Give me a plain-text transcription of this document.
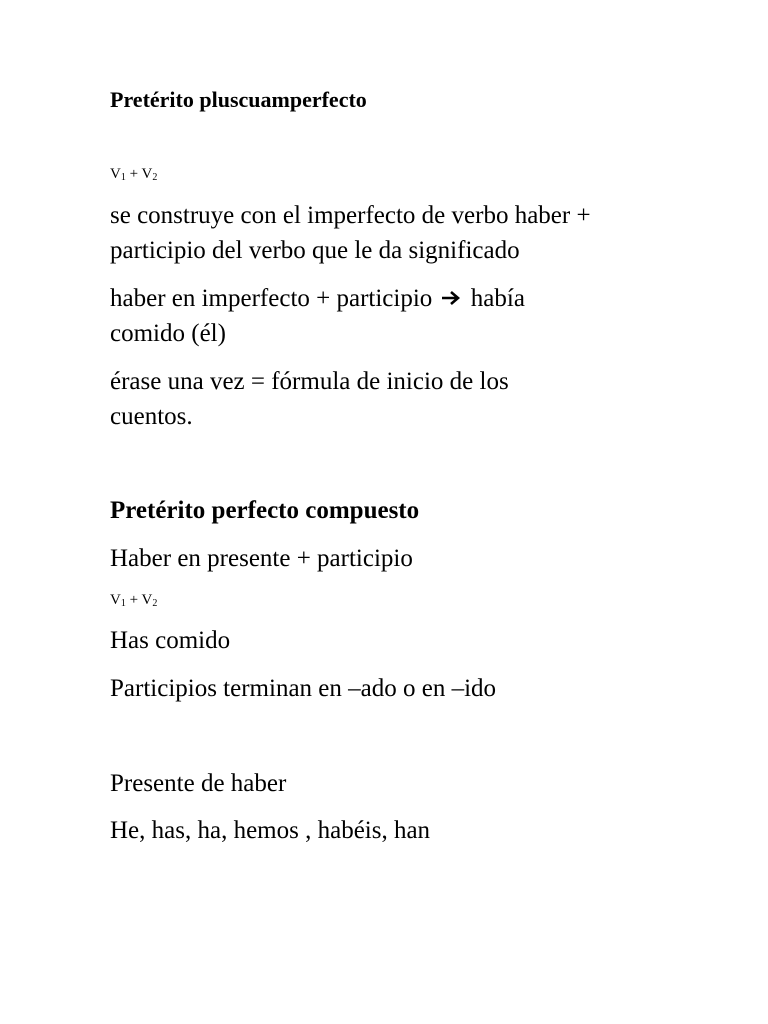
Pretérito pluscuamperfecto

$V_1 + V_2$

se construye con el imperfecto de verbo haber +

participio del verbo que le da significado

haber en imperfecto + participio había

comido (él)

érase una vez = fórmula de inicio de los

cuentos.

Pretérito perfecto compuesto

Haber en presente + participio

$V_1 + V_2$

Has comido

Participios terminan en –ado o en –ido

Presente de haber

He, has, ha, hemos , habéis, han
